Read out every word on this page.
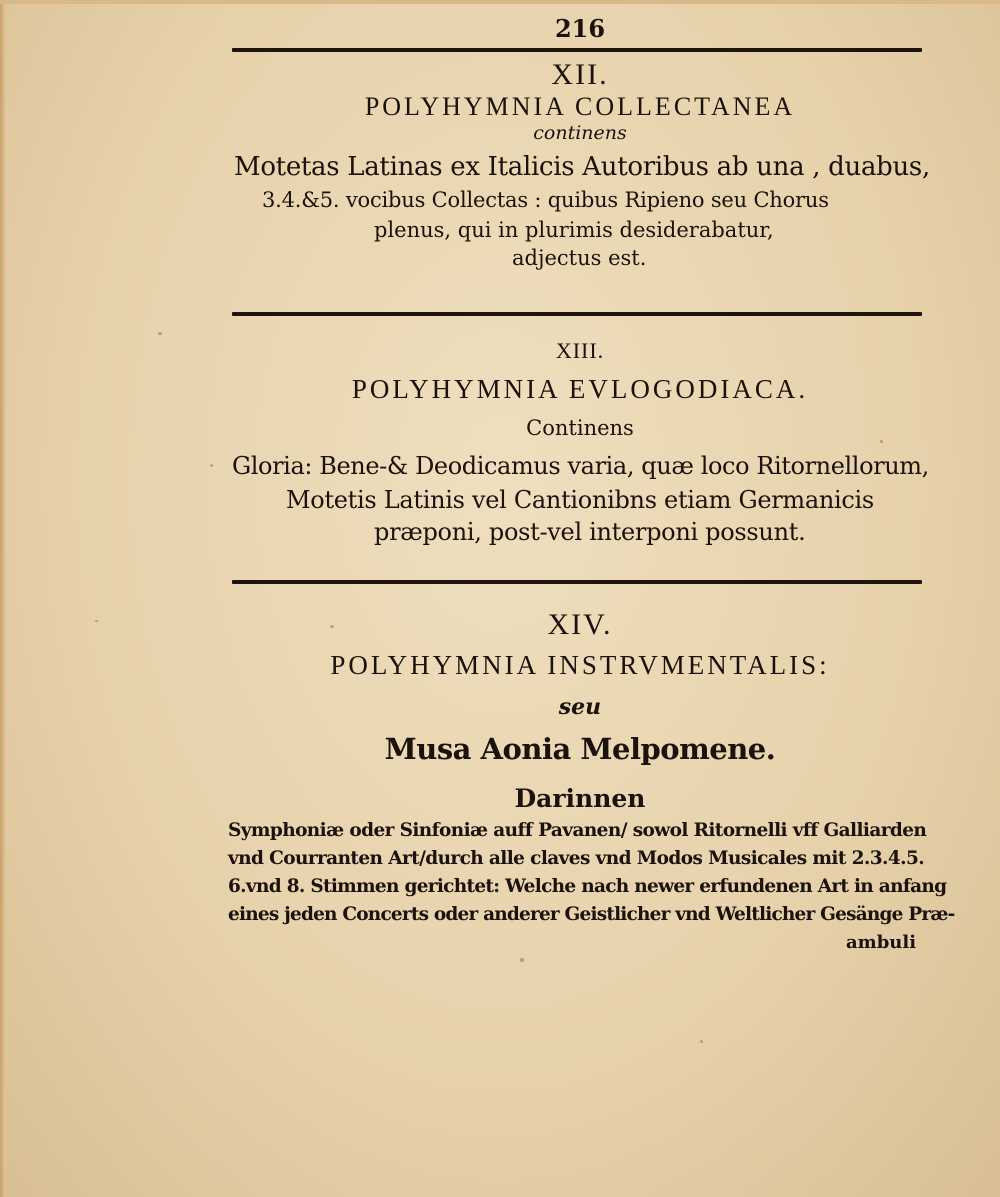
216
XII.
POLYHYMNIA COLLECTANEA
continens
Motetas Latinas ex Italicis Autoribus ab una , duabus,
3.4.&5. vocibus Collectas : quibus Ripieno seu Chorus
plenus, qui in plurimis desiderabatur,
adjectus est.
XIII.
POLYHYMNIA EVLOGODIACA.
Continens
Gloria: Bene-& Deodicamus varia, quæ loco Ritornellorum,
Motetis Latinis vel Cantionibns etiam Germanicis
præponi, post-vel interponi possunt.
XIV.
POLYHYMNIA INSTRVMENTALIS:
seu
Musa Aonia Melpomene.
Darinnen
Symphoniæ oder Sinfoniæ auff Pavanen/ sowol Ritornelli vff Galliarden
vnd Courranten Art/durch alle claves vnd Modos Musicales mit 2.3.4.5.
6.vnd 8. Stimmen gerichtet: Welche nach newer erfundenen Art in anfang
eines jeden Concerts oder anderer Geistlicher vnd Weltlicher Gesänge Præ-
ambuli
